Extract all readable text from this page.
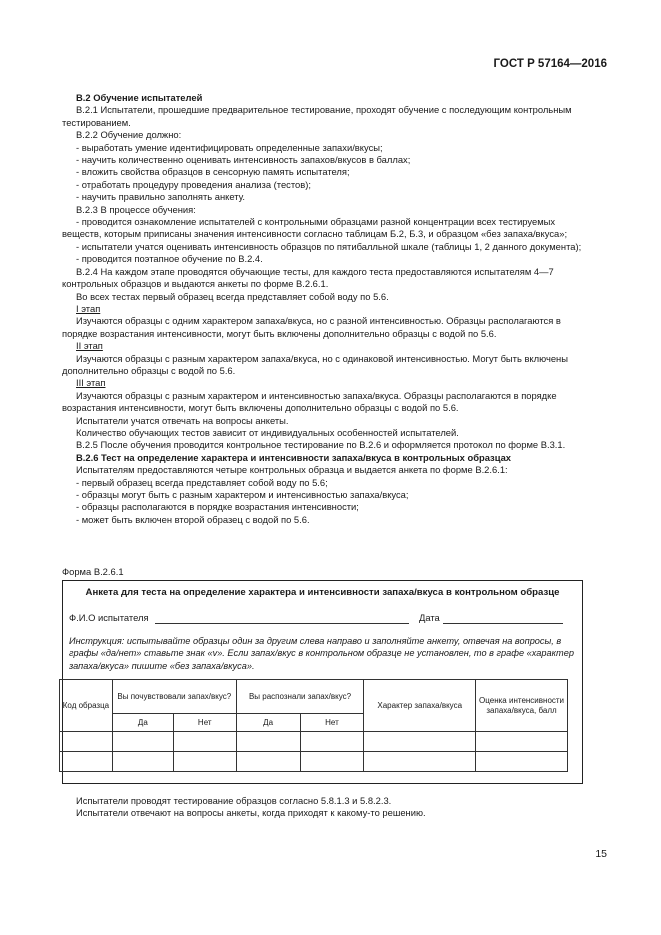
ГОСТ Р 57164—2016

В.2 Обучение испытателей

В.2.1 Испытатели, прошедшие предварительное тестирование, проходят обучение с последующим контрольным тестированием.

В.2.2 Обучение должно:

- выработать умение идентифицировать определенные запахи/вкусы;

- научить количественно оценивать интенсивность запахов/вкусов в баллах;

- вложить свойства образцов в сенсорную память испытателя;

- отработать процедуру проведения анализа (тестов);

- научить правильно заполнять анкету.

В.2.3 В процессе обучения:

- проводится ознакомление испытателей с контрольными образцами разной концентрации всех тестируемых веществ, которым приписаны значения интенсивности согласно таблицам Б.2, Б.3, и образцом «без запаха/вкуса»;

- испытатели учатся оценивать интенсивность образцов по пятибалльной шкале (таблицы 1, 2 данного документа);

- проводится поэтапное обучение по В.2.4.

В.2.4 На каждом этапе проводятся обучающие тесты, для каждого теста предоставляются испытателям 4—7 контрольных образцов и выдаются анкеты по форме В.2.6.1.

Во всех тестах первый образец всегда представляет собой воду по 5.6.

I этап

Изучаются образцы с одним характером запаха/вкуса, но с разной интенсивностью. Образцы располагаются в порядке возрастания интенсивности, могут быть включены дополнительно образцы с водой по 5.6.

II этап

Изучаются образцы с разным характером запаха/вкуса, но с одинаковой интенсивностью. Могут быть включены дополнительно образцы с водой по 5.6.

III этап

Изучаются образцы с разным характером и интенсивностью запаха/вкуса. Образцы располагаются в порядке возрастания интенсивности, могут быть включены дополнительно образцы с водой по 5.6.

Испытатели учатся отвечать на вопросы анкеты.

Количество обучающих тестов зависит от индивидуальных особенностей испытателей.

В.2.5 После обучения проводится контрольное тестирование по В.2.6 и оформляется протокол по форме В.3.1.

В.2.6 Тест на определение характера и интенсивности запаха/вкуса в контрольных образцах

Испытателям предоставляются четыре контрольных образца и выдается анкета по форме В.2.6.1:

- первый образец всегда представляет собой воду по 5.6;

- образцы могут быть с разным характером и интенсивностью запаха/вкуса;

- образцы располагаются в порядке возрастания интенсивности;

- может быть включен второй образец с водой по 5.6.

Форма В.2.6.1
Анкета для теста на определение характера и интенсивности запаха/вкуса в контрольном образце
Ф.И.О испытателя	Дата
Инструкция: испытывайте образцы один за другим слева направо и заполняйте анкету, отвечая на вопросы, в графы «да/нет» ставьте знак «v». Если запах/вкус в контрольном образце не установлен, то в графе «характер запаха/вкуса» пишите «без запаха/вкуса».
Код образца	Вы почувствовали запах/вкус?		Вы распознали запах/вкус?		Характер запаха/вкуса	Оценка интенсивности запаха/вкуса, балл
	Да	Нет	Да	Нет		

Испытатели проводят тестирование образцов согласно 5.8.1.3 и 5.8.2.3.

Испытатели отвечают на вопросы анкеты, когда приходят к какому-то решению.

15
